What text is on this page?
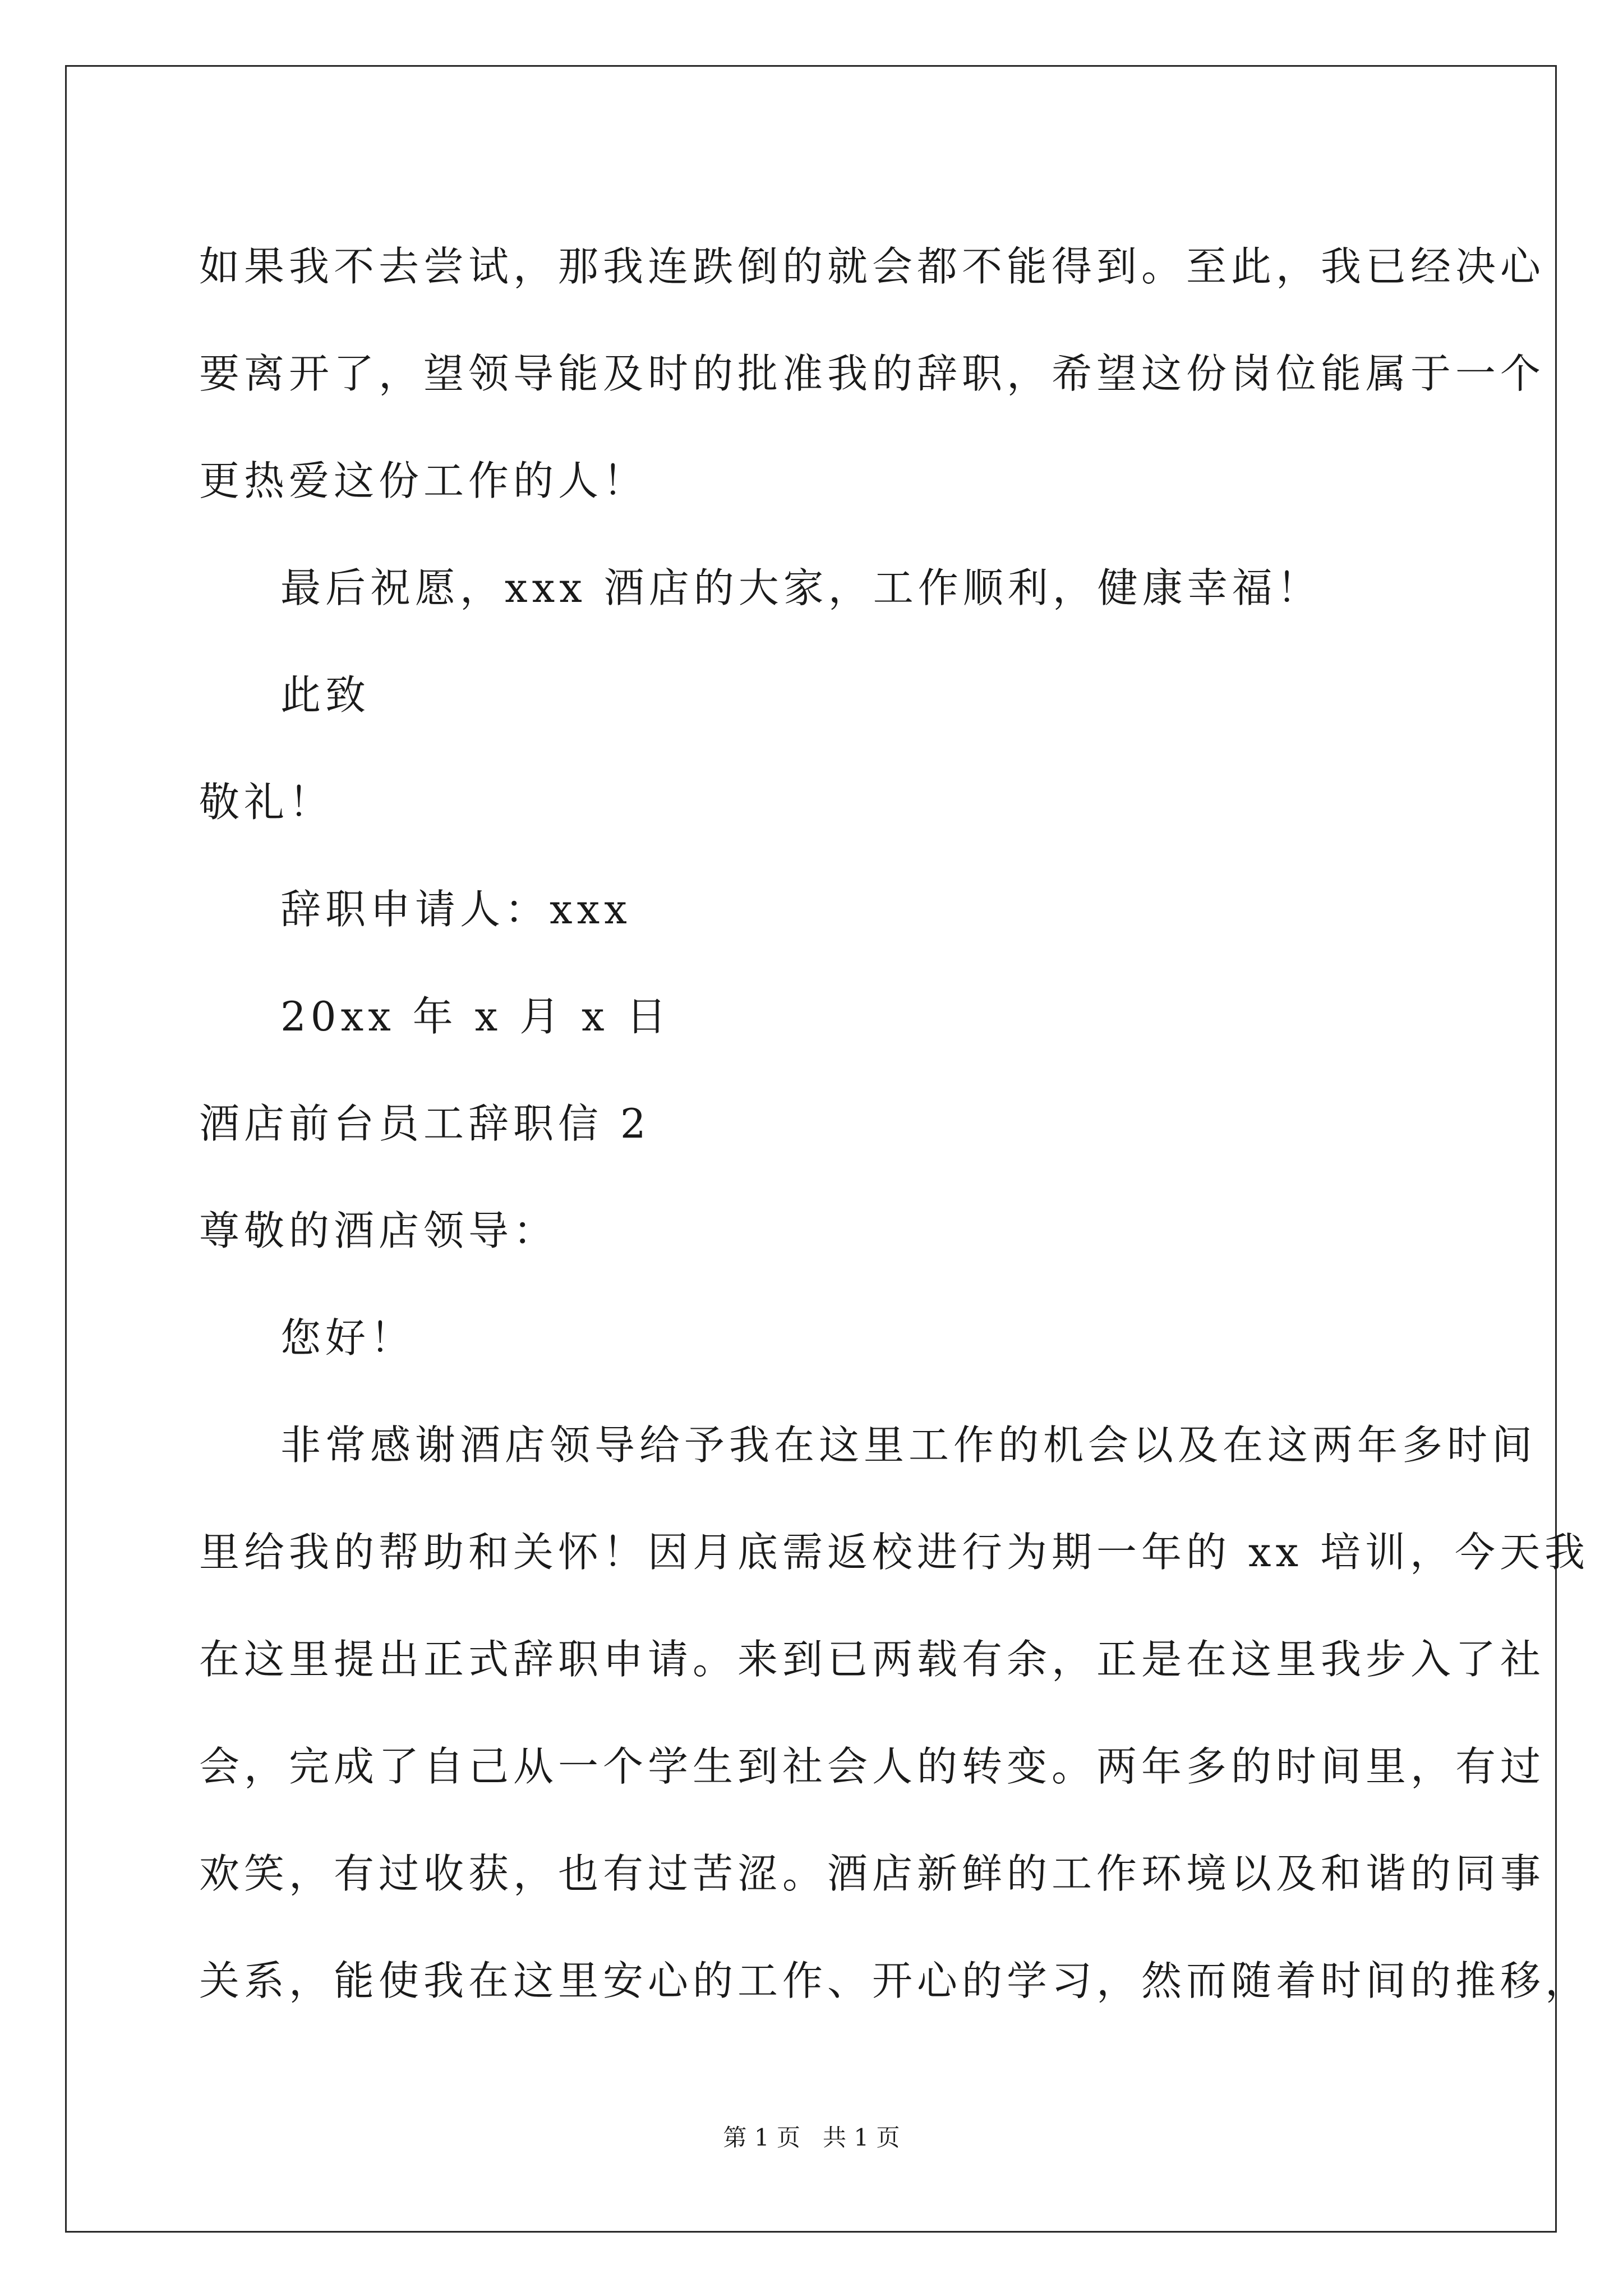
如果我不去尝试，那我连跌倒的就会都不能得到。至此，我已经决心
要离开了，望领导能及时的批准我的辞职，希望这份岗位能属于一个
更热爱这份工作的人！
最后祝愿，xxx 酒店的大家，工作顺利，健康幸福！
此致
敬礼！
辞职申请人：xxx
20xx 年 x 月 x 日
酒店前台员工辞职信 2
尊敬的酒店领导：
您好！
非常感谢酒店领导给予我在这里工作的机会以及在这两年多时间
里给我的帮助和关怀！因月底需返校进行为期一年的 xx 培训，今天我
在这里提出正式辞职申请。来到已两载有余，正是在这里我步入了社
会，完成了自己从一个学生到社会人的转变。两年多的时间里，有过
欢笑，有过收获，也有过苦涩。酒店新鲜的工作环境以及和谐的同事
关系，能使我在这里安心的工作、开心的学习，然而随着时间的推移，
第 1 页   共 1 页
